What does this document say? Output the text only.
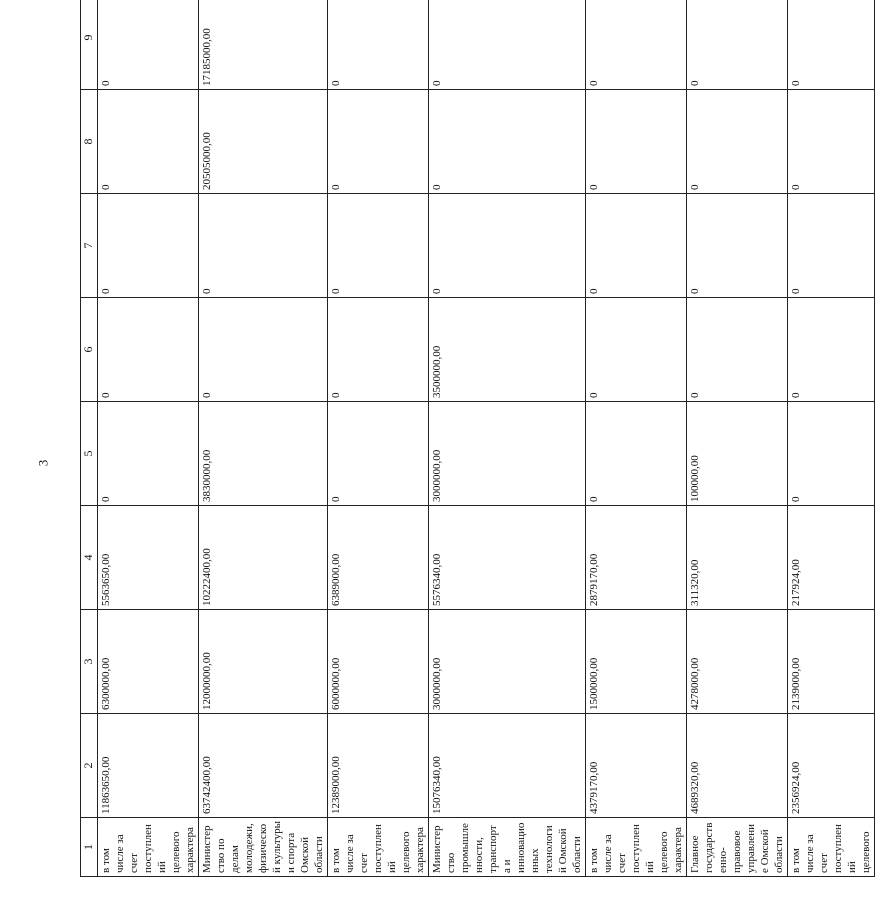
3
1	2	3	4	5	6	7	8	9
в том числе за счет поступлений целевого характера	11863650,00	6300000,00	5563650,00	0	0	0	0	0
Министерство по делам молодежи, физической культуры и спорта Омской области	63742400,00	12000000,00	10222400,00	3830000,00	0	0	20505000,00	17185000,00
в том числе за счет поступлений целевого характера	12389000,00	6000000,00	6389000,00	0	0	0	0	0
Министерство промышленности, транспорта и инновационных технологий Омской области	15076340,00	3000000,00	5576340,00	3000000,00	3500000,00	0	0	0
в том числе за счет поступлений целевого характера	4379170,00	1500000,00	2879170,00	0	0	0	0	0
Главное государственно-правовое управление Омской области	4689320,00	4278000,00	311320,00	100000,00	0	0	0	0
в том числе за счет поступлений целевого	2356924,00	2139000,00	217924,00	0	0	0	0	0
